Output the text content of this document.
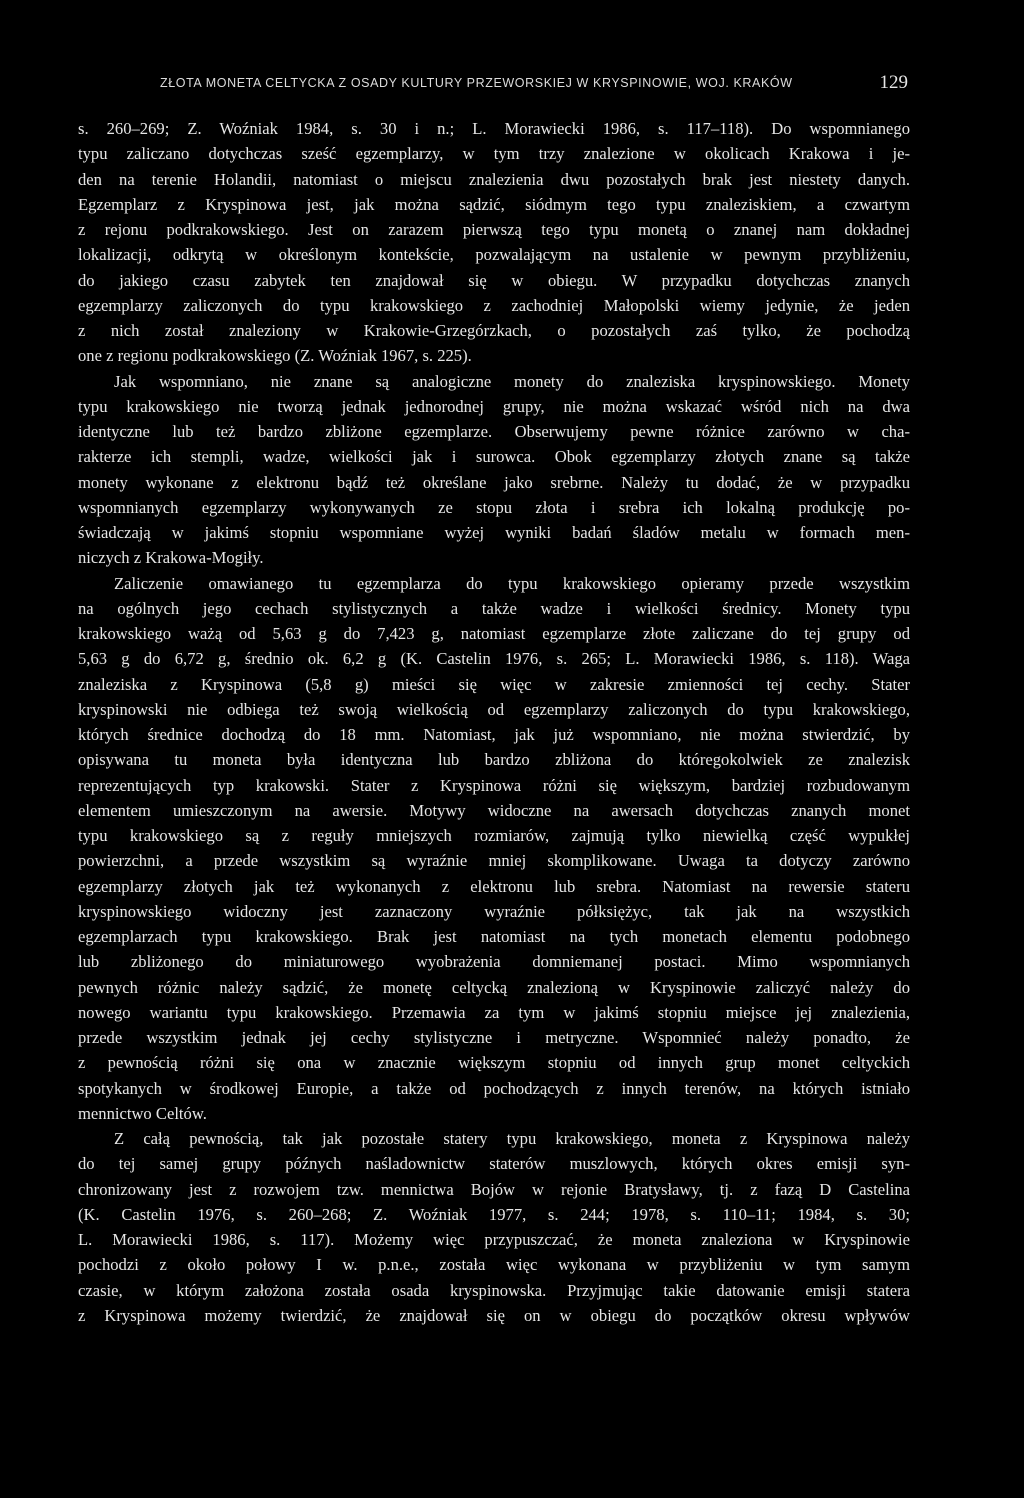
ZŁOTA MONETA CELTYCKA Z OSADY KULTURY PRZEWORSKIEJ W KRYSPINOWIE, WOJ. KRAKÓW	129
s. 260–269; Z. Woźniak 1984, s. 30 i n.; L. Morawiecki 1986, s. 117–118). Do wspomnianego
typu zaliczano dotychczas sześć egzemplarzy, w tym trzy znalezione w okolicach Krakowa i je-
den na terenie Holandii, natomiast o miejscu znalezienia dwu pozostałych brak jest niestety danych.
Egzemplarz z Kryspinowa jest, jak można sądzić, siódmym tego typu znaleziskiem, a czwartym
z rejonu podkrakowskiego. Jest on zarazem pierwszą tego typu monetą o znanej nam dokładnej
lokalizacji, odkrytą w określonym kontekście, pozwalającym na ustalenie w pewnym przybliżeniu,
do jakiego czasu zabytek ten znajdował się w obiegu. W przypadku dotychczas znanych
egzemplarzy zaliczonych do typu krakowskiego z zachodniej Małopolski wiemy jedynie, że jeden
z nich został znaleziony w Krakowie-Grzegórzkach, o pozostałych zaś tylko, że pochodzą
one z regionu podkrakowskiego (Z. Woźniak 1967, s. 225).
Jak wspomniano, nie znane są analogiczne monety do znaleziska kryspinowskiego. Monety
typu krakowskiego nie tworzą jednak jednorodnej grupy, nie można wskazać wśród nich na dwa
identyczne lub też bardzo zbliżone egzemplarze. Obserwujemy pewne różnice zarówno w cha-
rakterze ich stempli, wadze, wielkości jak i surowca. Obok egzemplarzy złotych znane są także
monety wykonane z elektronu bądź też określane jako srebrne. Należy tu dodać, że w przypadku
wspomnianych egzemplarzy wykonywanych ze stopu złota i srebra ich lokalną produkcję po-
świadczają w jakimś stopniu wspomniane wyżej wyniki badań śladów metalu w formach men-
niczych z Krakowa-Mogiły.
Zaliczenie omawianego tu egzemplarza do typu krakowskiego opieramy przede wszystkim
na ogólnych jego cechach stylistycznych a także wadze i wielkości średnicy. Monety typu
krakowskiego ważą od 5,63 g do 7,423 g, natomiast egzemplarze złote zaliczane do tej grupy od
5,63 g do 6,72 g, średnio ok. 6,2 g (K. Castelin 1976, s. 265; L. Morawiecki 1986, s. 118). Waga
znaleziska z Kryspinowa (5,8 g) mieści się więc w zakresie zmienności tej cechy. Stater
kryspinowski nie odbiega też swoją wielkością od egzemplarzy zaliczonych do typu krakowskiego,
których średnice dochodzą do 18 mm. Natomiast, jak już wspomniano, nie można stwierdzić, by
opisywana tu moneta była identyczna lub bardzo zbliżona do któregokolwiek ze znalezisk
reprezentujących typ krakowski. Stater z Kryspinowa różni się większym, bardziej rozbudowanym
elementem umieszczonym na awersie. Motywy widoczne na awersach dotychczas znanych monet
typu krakowskiego są z reguły mniejszych rozmiarów, zajmują tylko niewielką część wypukłej
powierzchni, a przede wszystkim są wyraźnie mniej skomplikowane. Uwaga ta dotyczy zarówno
egzemplarzy złotych jak też wykonanych z elektronu lub srebra. Natomiast na rewersie stateru
kryspinowskiego widoczny jest zaznaczony wyraźnie półksiężyc, tak jak na wszystkich
egzemplarzach typu krakowskiego. Brak jest natomiast na tych monetach elementu podobnego
lub zbliżonego do miniaturowego wyobrażenia domniemanej postaci. Mimo wspomnianych
pewnych różnic należy sądzić, że monetę celtycką znalezioną w Kryspinowie zaliczyć należy do
nowego wariantu typu krakowskiego. Przemawia za tym w jakimś stopniu miejsce jej znalezienia,
przede wszystkim jednak jej cechy stylistyczne i metryczne. Wspomnieć należy ponadto, że
z pewnością różni się ona w znacznie większym stopniu od innych grup monet celtyckich
spotykanych w środkowej Europie, a także od pochodzących z innych terenów, na których istniało
mennictwo Celtów.
Z całą pewnością, tak jak pozostałe statery typu krakowskiego, moneta z Kryspinowa należy
do tej samej grupy późnych naśladownictw staterów muszlowych, których okres emisji syn-
chronizowany jest z rozwojem tzw. mennictwa Bojów w rejonie Bratysławy, tj. z fazą D Castelina
(K. Castelin 1976, s. 260–268; Z. Woźniak 1977, s. 244; 1978, s. 110–11; 1984, s. 30;
L. Morawiecki 1986, s. 117). Możemy więc przypuszczać, że moneta znaleziona w Kryspinowie
pochodzi z około połowy I w. p.n.e., została więc wykonana w przybliżeniu w tym samym
czasie, w którym założona została osada kryspinowska. Przyjmując takie datowanie emisji statera
z Kryspinowa możemy twierdzić, że znajdował się on w obiegu do początków okresu wpływów
